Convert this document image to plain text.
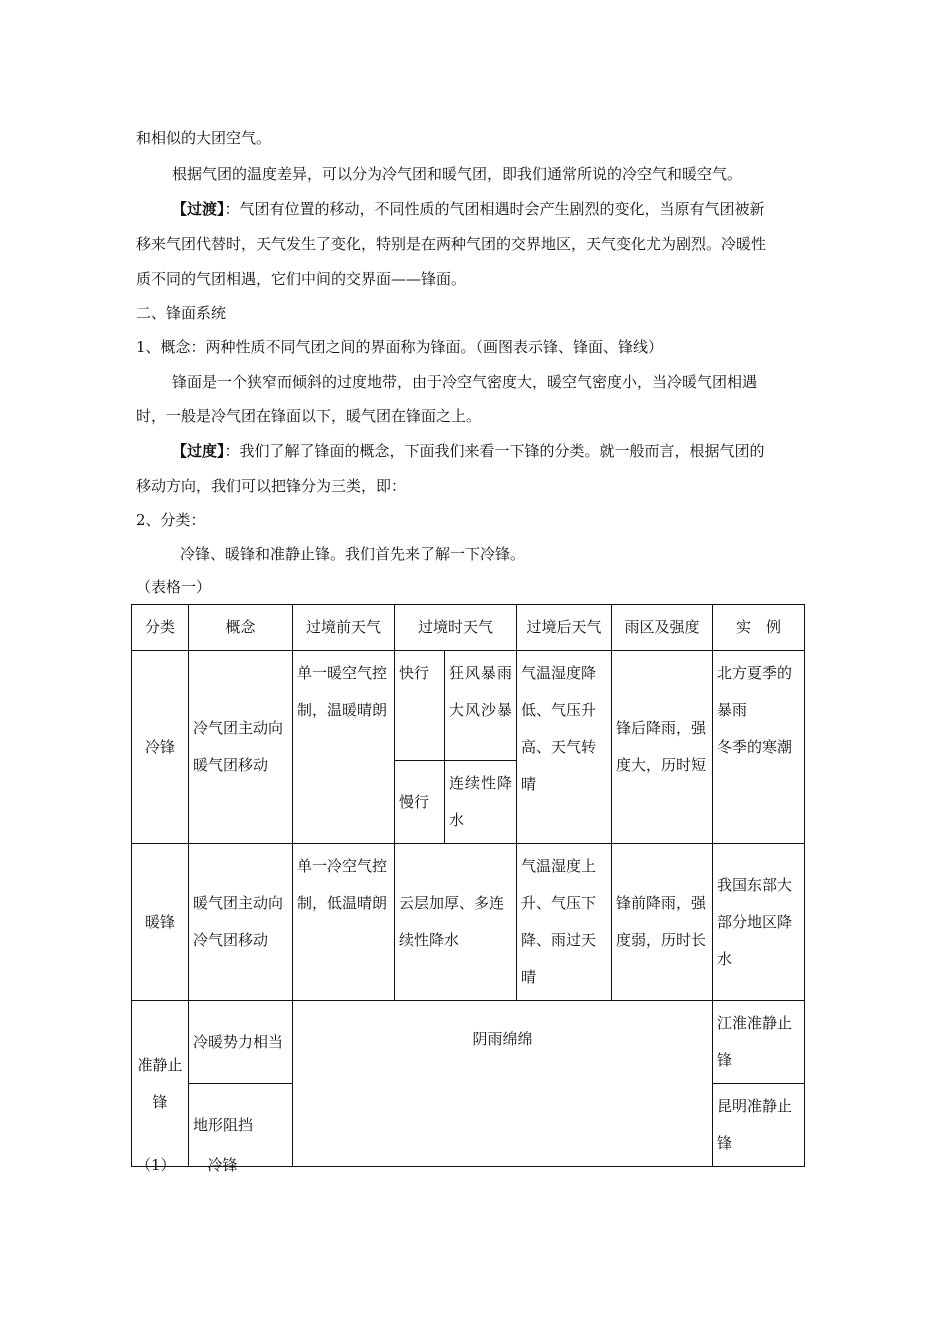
和相似的大团空气。
根据气团的温度差异，可以分为冷气团和暖气团，即我们通常所说的冷空气和暖空气。
【过渡】：气团有位置的移动，不同性质的气团相遇时会产生剧烈的变化，当原有气团被新
移来气团代替时，天气发生了变化，特别是在两种气团的交界地区，天气变化尤为剧烈。冷暖性
质不同的气团相遇，它们中间的交界面——锋面。
二、锋面系统
1、概念：两种性质不同气团之间的界面称为锋面。（画图表示锋、锋面、锋线）
锋面是一个狭窄而倾斜的过度地带，由于冷空气密度大，暖空气密度小，当冷暖气团相遇
时，一般是冷气团在锋面以下，暖气团在锋面之上。
【过度】：我们了解了锋面的概念，下面我们来看一下锋的分类。就一般而言，根据气团的
移动方向，我们可以把锋分为三类，即：
2、分类：
冷锋、暖锋和准静止锋。我们首先来了解一下冷锋。
（表格一）
分类	概念	过境前天气	过境时天气		过境后天气	雨区及强度	实　例
冷锋	冷气团主动向暖气团移动	单一暖空气控制，温暖晴朗	快行	狂风暴雨大风沙暴	气温湿度降低、气压升高、天气转晴	锋后降雨，强度大，历时短	北方夏季的暴雨
冬季的寒潮

			慢行	连续性降水			
暖锋	暖气团主动向冷气团移动	单一冷空气控制，低温晴朗	云层加厚、多连续性降水		气温湿度上升、气压下降、雨过天晴	锋前降雨，强度弱，历时长	我国东部大部分地区降水
准静止锋	冷暖势力相当	阴雨绵绵					江淮准静止锋
	地形阻挡						昆明准静止锋
（1） 冷锋
